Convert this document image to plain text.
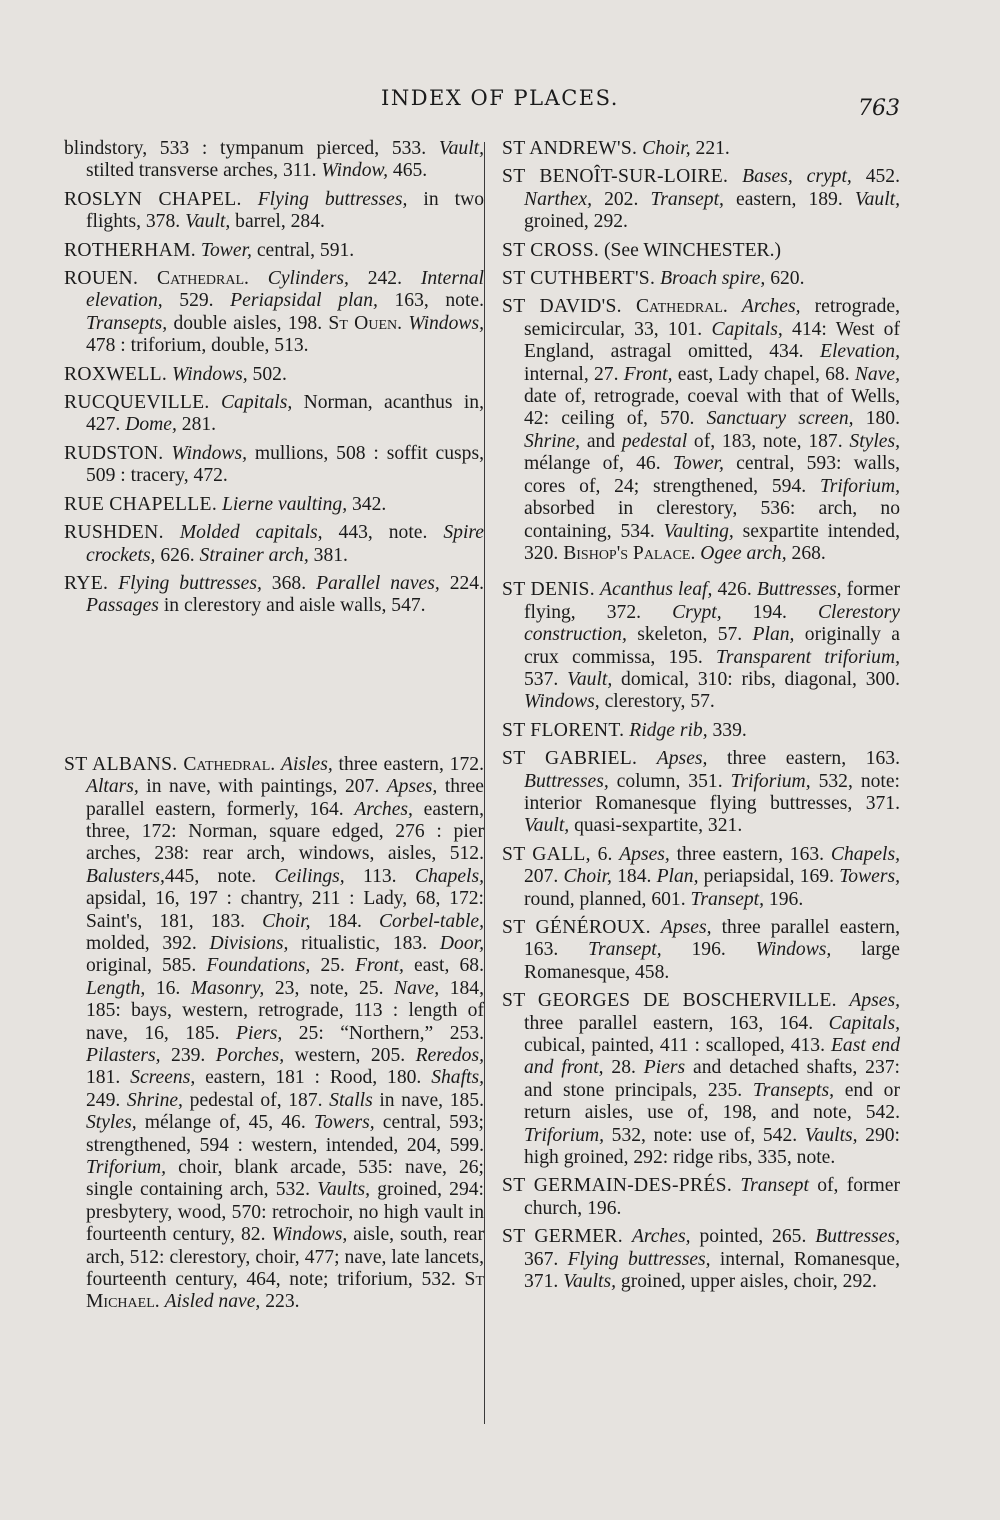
INDEX OF PLACES.	763

blindstory, 533 : tympanum pierced, 533. Vault, stilted transverse arches, 311. Window, 465.

ROSLYN CHAPEL. Flying buttresses, in two flights, 378. Vault, barrel, 284.

ROTHERHAM. Tower, central, 591.

ROUEN. Cathedral. Cylinders, 242. Internal elevation, 529. Periapsidal plan, 163, note. Transepts, double aisles, 198. St Ouen. Windows, 478 : triforium, double, 513.

ROXWELL. Windows, 502.

RUCQUEVILLE. Capitals, Norman, acanthus in, 427. Dome, 281.

RUDSTON. Windows, mullions, 508 : soffit cusps, 509 : tracery, 472.

RUE CHAPELLE. Lierne vaulting, 342.

RUSHDEN. Molded capitals, 443, note. Spire crockets, 626. Strainer arch, 381.

RYE. Flying buttresses, 368. Parallel naves, 224. Passages in clerestory and aisle walls, 547.

ST ALBANS. Cathedral. Aisles, three eastern, 172. Altars, in nave, with paintings, 207. Apses, three parallel eastern, formerly, 164. Arches, eastern, three, 172: Norman, square edged, 276 : pier arches, 238: rear arch, windows, aisles, 512. Balusters,445, note. Ceilings, 113. Chapels, apsidal, 16, 197 : chantry, 211 : Lady, 68, 172: Saint's, 181, 183. Choir, 184. Corbel-table, molded, 392. Divisions, ritualistic, 183. Door, original, 585. Foundations, 25. Front, east, 68. Length, 16. Masonry, 23, note, 25. Nave, 184, 185: bays, western, retrograde, 113 : length of nave, 16, 185. Piers, 25: “Northern,” 253. Pilasters, 239. Porches, western, 205. Reredos, 181. Screens, eastern, 181 : Rood, 180. Shafts, 249. Shrine, pedestal of, 187. Stalls in nave, 185. Styles, mélange of, 45, 46. Towers, central, 593; strengthened, 594 : western, intended, 204, 599. Triforium, choir, blank arcade, 535: nave, 26; single containing arch, 532. Vaults, groined, 294: presbytery, wood, 570: retrochoir, no high vault in fourteenth century, 82. Windows, aisle, south, rear arch, 512: clerestory, choir, 477; nave, late lancets, fourteenth century, 464, note; triforium, 532. St Michael. Aisled nave, 223.

ST ANDREW'S. Choir, 221.

ST BENOÎT-SUR-LOIRE. Bases, crypt, 452. Narthex, 202. Transept, eastern, 189. Vault, groined, 292.

ST CROSS. (See WINCHESTER.)

ST CUTHBERT'S. Broach spire, 620.

ST DAVID'S. Cathedral. Arches, retrograde, semicircular, 33, 101. Capitals, 414: West of England, astragal omitted, 434. Elevation, internal, 27. Front, east, Lady chapel, 68. Nave, date of, retrograde, coeval with that of Wells, 42: ceiling of, 570. Sanctuary screen, 180. Shrine, and pedestal of, 183, note, 187. Styles, mélange of, 46. Tower, central, 593: walls, cores of, 24; strengthened, 594. Triforium, absorbed in clerestory, 536: arch, no containing, 534. Vaulting, sexpartite intended, 320. Bishop's Palace. Ogee arch, 268.

ST DENIS. Acanthus leaf, 426. Buttresses, former flying, 372. Crypt, 194. Clerestory construction, skeleton, 57. Plan, originally a crux commissa, 195. Transparent triforium, 537. Vault, domical, 310: ribs, diagonal, 300. Windows, clerestory, 57.

ST FLORENT. Ridge rib, 339.

ST GABRIEL. Apses, three eastern, 163. Buttresses, column, 351. Triforium, 532, note: interior Romanesque flying buttresses, 371. Vault, quasi-sexpartite, 321.

ST GALL, 6. Apses, three eastern, 163. Chapels, 207. Choir, 184. Plan, periapsidal, 169. Towers, round, planned, 601. Transept, 196.

ST GÉNÉROUX. Apses, three parallel eastern, 163. Transept, 196. Windows, large Romanesque, 458.

ST GEORGES DE BOSCHERVILLE. Apses, three parallel eastern, 163, 164. Capitals, cubical, painted, 411 : scalloped, 413. East end and front, 28. Piers and detached shafts, 237: and stone principals, 235. Transepts, end or return aisles, use of, 198, and note, 542. Triforium, 532, note: use of, 542. Vaults, 290: high groined, 292: ridge ribs, 335, note.

ST GERMAIN-DES-PRÉS. Transept of, former church, 196.

ST GERMER. Arches, pointed, 265. Buttresses, 367. Flying buttresses, internal, Romanesque, 371. Vaults, groined, upper aisles, choir, 292.
